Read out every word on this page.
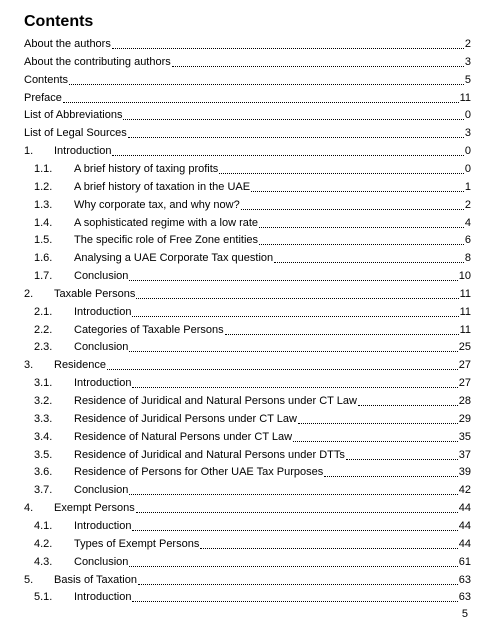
Contents
About the authors	2
About the contributing authors	3
Contents	5
Preface	11
List of Abbreviations	0
List of Legal Sources	3
1.	Introduction	0
1.1.	A brief history of taxing profits	0
1.2.	A brief history of taxation in the UAE	1
1.3.	Why corporate tax, and why now?	2
1.4.	A sophisticated regime with a low rate	4
1.5.	The specific role of Free Zone entities	6
1.6.	Analysing a UAE Corporate Tax question	8
1.7.	Conclusion	10
2.	Taxable Persons	11
2.1.	Introduction	11
2.2.	Categories of Taxable Persons	11
2.3.	Conclusion	25
3.	Residence	27
3.1.	Introduction	27
3.2.	Residence of Juridical and Natural Persons under CT Law	28
3.3.	Residence of Juridical Persons under CT Law	29
3.4.	Residence of Natural Persons under CT Law	35
3.5.	Residence of Juridical and Natural Persons under DTTs	37
3.6.	Residence of Persons for Other UAE Tax Purposes	39
3.7.	Conclusion	42
4.	Exempt Persons	44
4.1.	Introduction	44
4.2.	Types of Exempt Persons	44
4.3.	Conclusion	61
5.	Basis of Taxation	63
5.1.	Introduction	63
5
